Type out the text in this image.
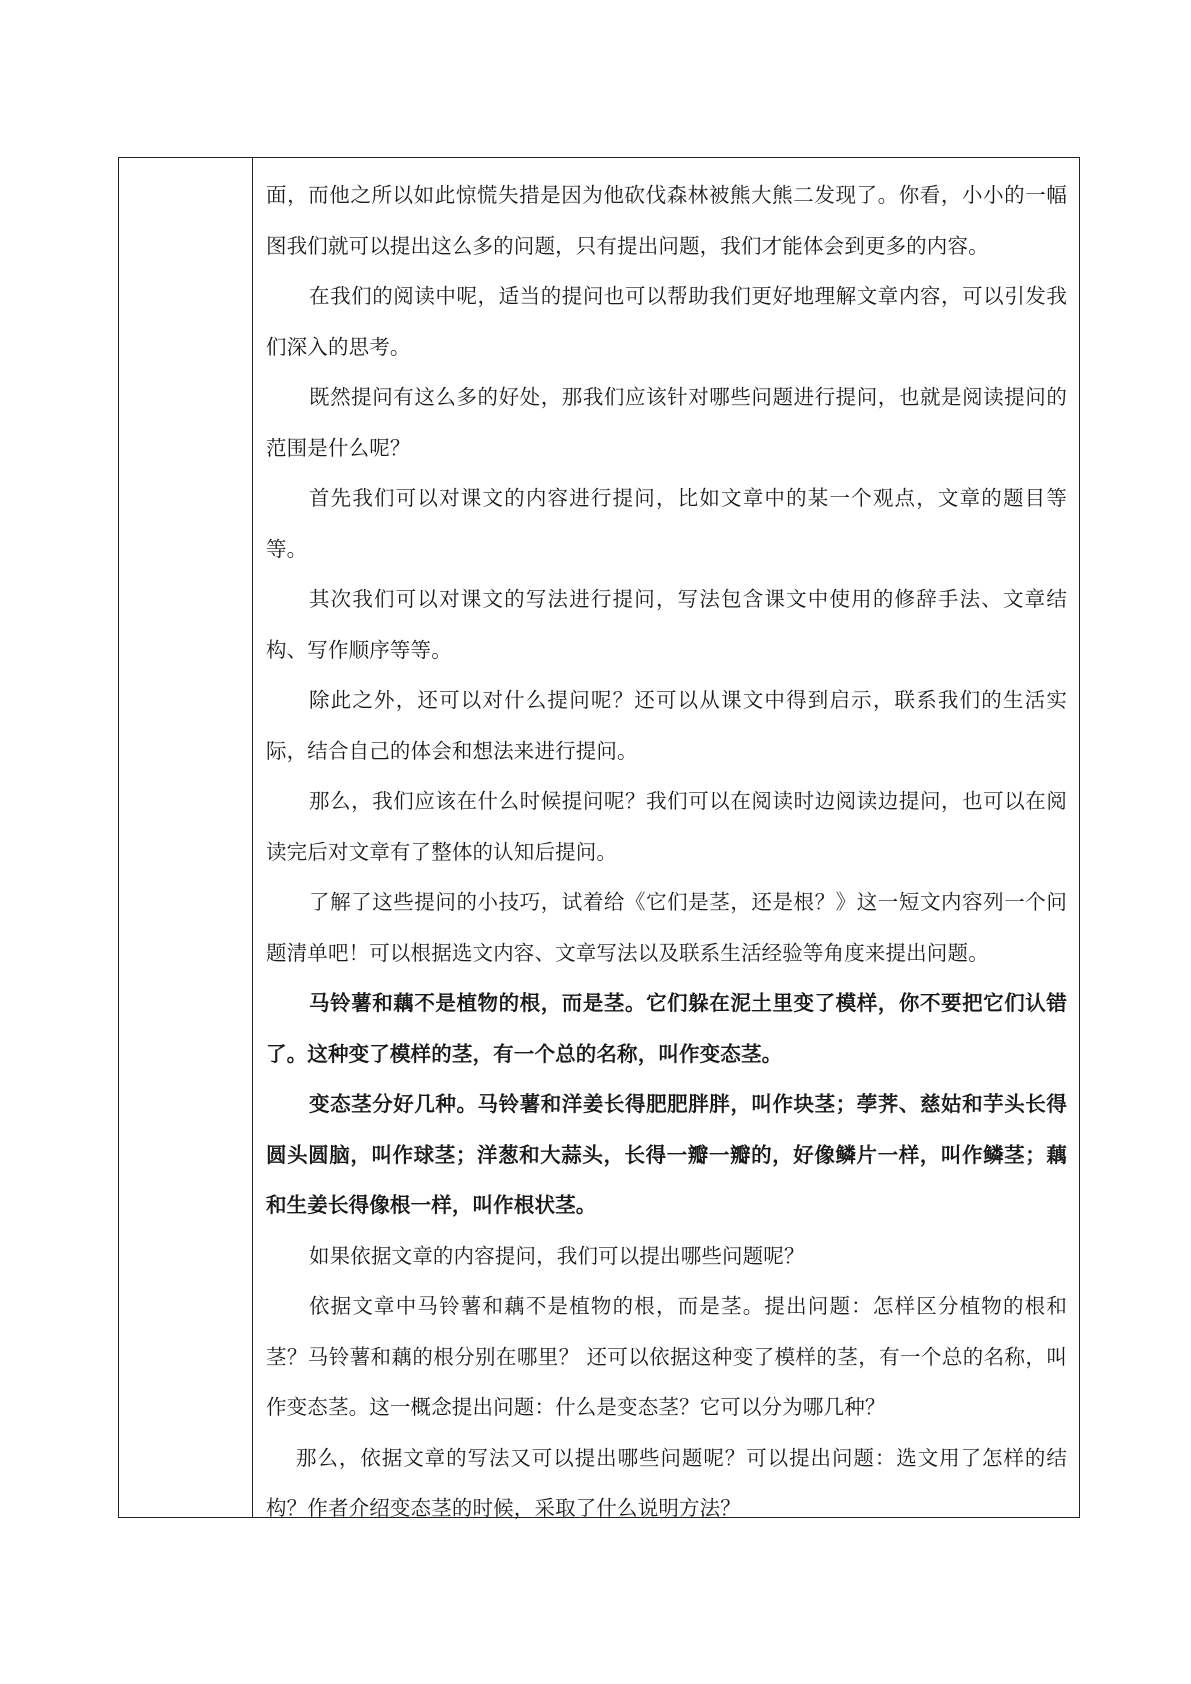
面，而他之所以如此惊慌失措是因为他砍伐森林被熊大熊二发现了。你看，小小的一幅图我们就可以提出这么多的问题，只有提出问题，我们才能体会到更多的内容。

在我们的阅读中呢，适当的提问也可以帮助我们更好地理解文章内容，可以引发我们深入的思考。

既然提问有这么多的好处，那我们应该针对哪些问题进行提问，也就是阅读提问的范围是什么呢？

首先我们可以对课文的内容进行提问，比如文章中的某一个观点，文章的题目等等。

其次我们可以对课文的写法进行提问，写法包含课文中使用的修辞手法、文章结构、写作顺序等等。

除此之外，还可以对什么提问呢？还可以从课文中得到启示，联系我们的生活实际，结合自己的体会和想法来进行提问。

那么，我们应该在什么时候提问呢？我们可以在阅读时边阅读边提问，也可以在阅读完后对文章有了整体的认知后提问。

了解了这些提问的小技巧，试着给《它们是茎，还是根？》这一短文内容列一个问题清单吧！可以根据选文内容、文章写法以及联系生活经验等角度来提出问题。

马铃薯和藕不是植物的根，而是茎。它们躲在泥土里变了模样，你不要把它们认错了。这种变了模样的茎，有一个总的名称，叫作变态茎。

变态茎分好几种。马铃薯和洋姜长得肥肥胖胖，叫作块茎；荸荠、慈姑和芋头长得圆头圆脑，叫作球茎；洋葱和大蒜头，长得一瓣一瓣的，好像鳞片一样，叫作鳞茎；藕和生姜长得像根一样，叫作根状茎。

如果依据文章的内容提问，我们可以提出哪些问题呢？

依据文章中马铃薯和藕不是植物的根，而是茎。提出问题：怎样区分植物的根和茎？马铃薯和藕的根分别在哪里？ 还可以依据这种变了模样的茎，有一个总的名称，叫作变态茎。这一概念提出问题：什么是变态茎？它可以分为哪几种？

那么，依据文章的写法又可以提出哪些问题呢？可以提出问题：选文用了怎样的结构？作者介绍变态茎的时候，采取了什么说明方法？
